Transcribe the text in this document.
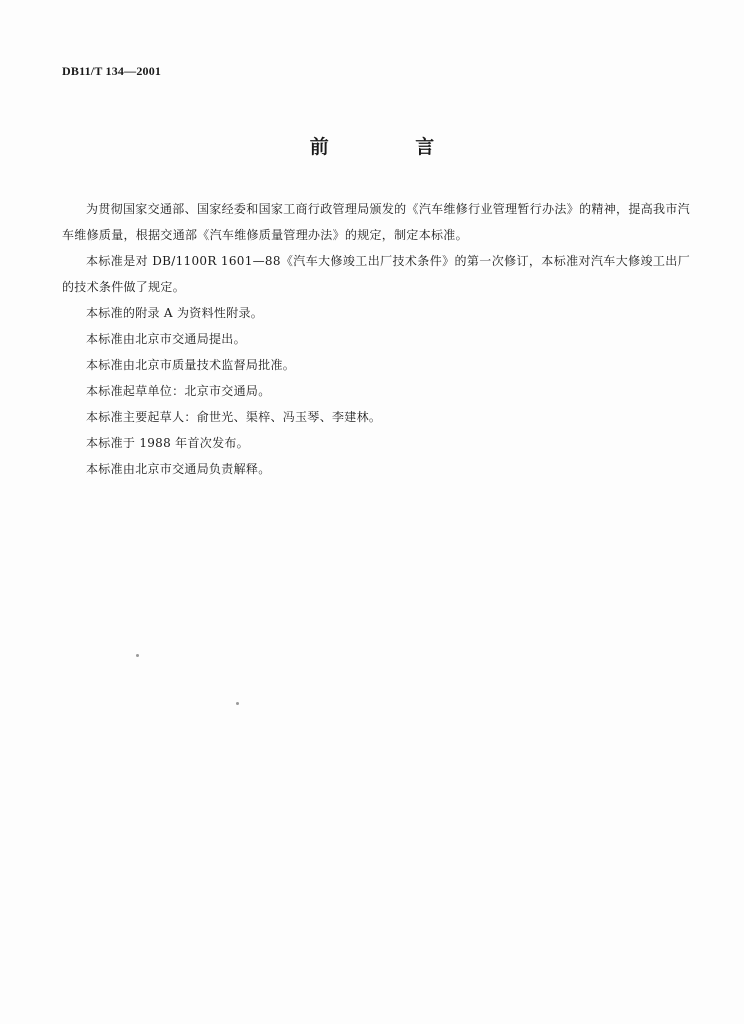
DB11/T 134—2001
前 言

为贯彻国家交通部、国家经委和国家工商行政管理局颁发的《汽车维修行业管理暂行办法》的精神，提高我市汽车维修质量，根据交通部《汽车维修质量管理办法》的规定，制定本标准。

本标准是对 DB/1100R 1601—88《汽车大修竣工出厂技术条件》的第一次修订，本标准对汽车大修竣工出厂的技术条件做了规定。

本标准的附录 A 为资料性附录。

本标准由北京市交通局提出。

本标准由北京市质量技术监督局批准。

本标准起草单位：北京市交通局。

本标准主要起草人：俞世光、渠梓、冯玉琴、李建林。

本标准于 1988 年首次发布。

本标准由北京市交通局负责解释。
